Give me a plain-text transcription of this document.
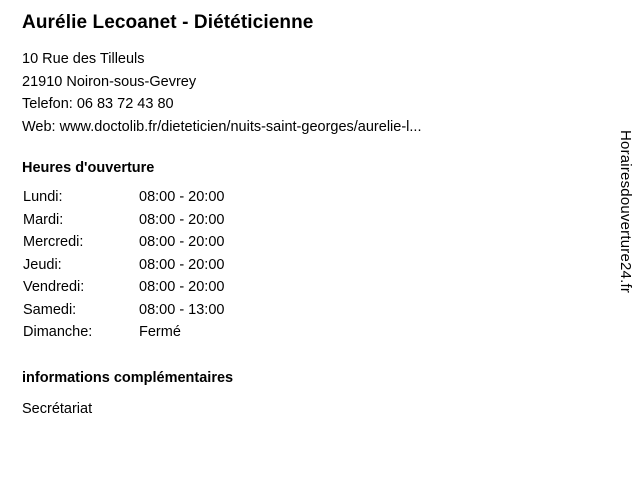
Aurélie Lecoanet - Diététicienne
10 Rue des Tilleuls
21910 Noiron-sous-Gevrey
Telefon: 06 83 72 43 80
Web: www.doctolib.fr/dieteticien/nuits-saint-georges/aurelie-l...
Heures d'ouverture
Lundi:	08:00 - 20:00
Mardi:	08:00 - 20:00
Mercredi:	08:00 - 20:00
Jeudi:	08:00 - 20:00
Vendredi:	08:00 - 20:00
Samedi:	08:00 - 13:00
Dimanche:	Fermé
informations complémentaires
Secrétariat
Horairesdouverture24.fr
